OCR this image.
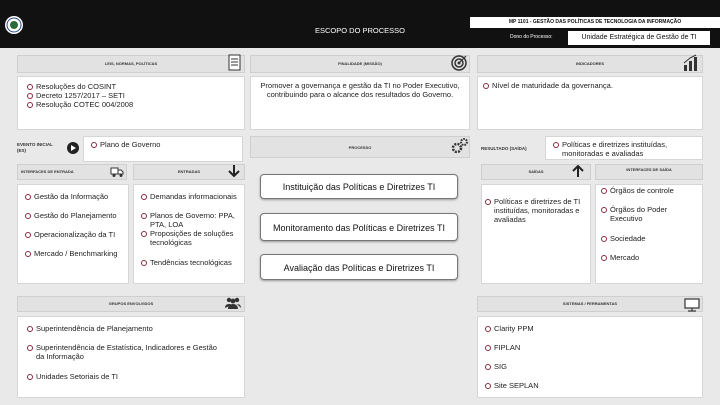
ESCOPO DO PROCESSO
MP 1101 - GESTÃO DAS POLÍTICAS DE TECNOLOGIA DA INFORMAÇÃO
Dono do Processo:	Unidade Estratégica de Gestão de TI
LEIS, NORMAS, POLÍTICAS
Resoluções do COSINT
Decreto 1257/2017 – SETI
Resolução COTEC 004/2008
FINALIDADE (MISSÃO)
Promover a governança e gestão da TI no Poder Executivo, contribuindo para o alcance dos resultados do Governo.
INDICADORES
Nível de maturidade da governança.
EVENTO INICIAL (ES)
Plano de Governo	PROCESSO	RESULTADO (SAÍDA)	Políticas e diretrizes instituídas, monitoradas e avaliadas
INTERFACES DE ENTRADA
Gestão da Informação
Gestão do Planejamento
Operacionalização da TI
Mercado / Benchmarking
ENTRADAS
Demandas informacionais
Planos de Governo: PPA, PTA, LOA
Proposições de soluções tecnológicas
Tendências tecnológicas
Instituição das Políticas e Diretrizes TI
Monitoramento das Políticas e Diretrizes TI
Avaliação das Políticas e Diretrizes TI
SAÍDAS
Políticas e diretrizes de TI instituídas, monitoradas e avaliadas
INTERFACES DE SAÍDA
Órgãos de controle
Órgãos do Poder Executivo
Sociedade
Mercado
GRUPOS ENVOLVIDOS
Superintendência de Planejamento
Superintendência de Estatística, Indicadores e Gestão da Informação
Unidades Setoriais de TI
SISTEMAS / FERRAMENTAS
Clarity PPM
FIPLAN
SIG
Site SEPLAN
